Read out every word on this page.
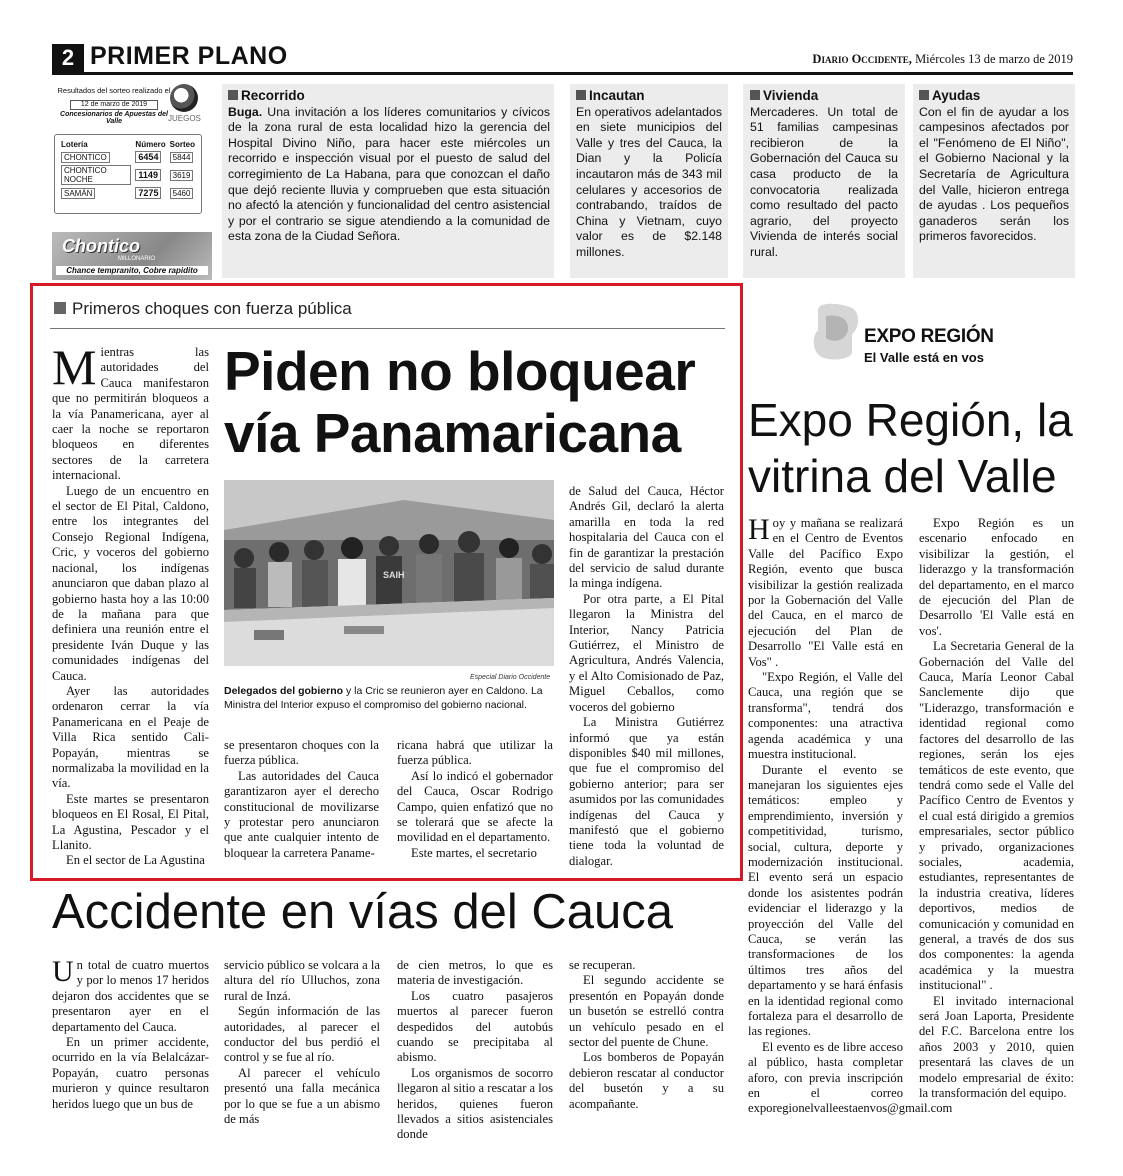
2 PRIMER PLANO	Diario Occidente, Miércoles 13 de marzo de 2019
Resultados del sorteo realizado el
12 de marzo de 2019
Concesionarios de Apuestas del Valle	JUEGOS
Lotería	Número	Sorteo
CHONTICO	6454	5844
CHONTICO NOCHE	1149	3619
SAMÁN	7275	5460
Chontico
MILLONARIO
Chance tempranito, Cobre rapidito
Recorrido
Buga. Una invitación a los líderes comunitarios y cívicos de la zona rural de esta localidad hizo la gerencia del Hospital Divino Niño, para hacer este miércoles un recorrido e inspección visual por el puesto de salud del corregimiento de La Habana, para que conozcan el daño que dejó reciente lluvia y comprueben que esta situación no afectó la atención y funcionalidad del centro asistencial y por el contrario se sigue atendiendo a la comunidad de esta zona de la Ciudad Señora.
Incautan
En operativos adelantados en siete municipios del Valle y tres del Cauca, la Dian y la Policía incautaron más de 343 mil celulares y accesorios de contrabando, traídos de China y Vietnam, cuyo valor es de $2.148 millones.
Vivienda
Mercaderes. Un total de 51 familias campesinas recibieron de la Gobernación del Cauca su casa producto de la convocatoria realizada como resultado del pacto agrario, del proyecto Vivienda de interés social rural.
Ayudas
Con el fin de ayudar a los campesinos afectados por el "Fenómeno de El Niño", el Gobierno Nacional y la Secretaría de Agricultura del Valle, hicieron entrega de ayudas . Los pequeños ganaderos serán los primeros favorecidos.
Primeros choques con fuerza pública
Piden no bloquear vía Panamaricana
M ientras las autoridades del Cauca manifestaron que no permitirán bloqueos a la vía Panamericana, ayer al caer la noche se reportaron bloqueos en diferentes sectores de la carretera internacional.

Luego de un encuentro en el sector de El Pital, Caldono, entre los integrantes del Consejo Regional Indígena, Cric, y voceros del gobierno nacional, los indígenas anunciaron que daban plazo al gobierno hasta hoy a las 10:00 de la mañana para que definiera una reunión entre el presidente Iván Duque y las comunidades indígenas del Cauca.

Ayer las autoridades ordenaron cerrar la vía Panamericana en el Peaje de Villa Rica sentido Cali-Popayán, mientras se normalizaba la movilidad en la vía.

Este martes se presentaron bloqueos en El Rosal, El Pital, La Agustina, Pescador y el Llanito.

En el sector de La Agustina

SAIH
Especial Diario Occidente
Delegados del gobierno y la Cric se reunieron ayer en Caldono. La Ministra del Interior expuso el compromiso del gobierno nacional.

se presentaron choques con la fuerza pública.

Las autoridades del Cauca garantizaron ayer el derecho constitucional de movilizarse y protestar pero anunciaron que ante cualquier intento de bloquear la carretera Paname-

ricana habrá que utilizar la fuerza pública.

Así lo indicó el gobernador del Cauca, Oscar Rodrigo Campo, quien enfatizó que no se tolerará que se afecte la movilidad en el departamento.

Este martes, el secretario

de Salud del Cauca, Héctor Andrés Gil, declaró la alerta amarilla en toda la red hospitalaria del Cauca con el fin de garantizar la prestación del servicio de salud durante la minga indígena.

Por otra parte, a El Pital llegaron la Ministra del Interior, Nancy Patricia Gutiérrez, el Ministro de Agricultura, Andrés Valencia, y el Alto Comisionado de Paz, Miguel Ceballos, como voceros del gobierno

La Ministra Gutiérrez informó que ya están disponibles $40 mil millones, que fue el compromiso del gobierno anterior; para ser asumidos por las comunidades indígenas del Cauca y manifestó que el gobierno tiene toda la voluntad de dialogar.

EXPO REGIÓN
El Valle está en vos
Expo Región, la vitrina del Valle
H oy y mañana se realizará en el Centro de Eventos Valle del Pacífico Expo Región, evento que busca visibilizar la gestión realizada por la Gobernación del Valle del Cauca, en el marco de ejecución del Plan de Desarrollo "El Valle está en Vos" .

"Expo Región, el Valle del Cauca, una región que se transforma", tendrá dos componentes: una atractiva agenda académica y una muestra institucional.

Durante el evento se manejaran los siguientes ejes temáticos: empleo y emprendimiento, inversión y competitividad, turismo, social, cultura, deporte y modernización institucional. El evento será un espacio donde los asistentes podrán evidenciar el liderazgo y la proyección del Valle del Cauca, se verán las transformaciones de los últimos tres años del departamento y se hará énfasis en la identidad regional como fortaleza para el desarrollo de las regiones.

El evento es de libre acceso al público, hasta completar aforo, con previa inscripción en el correo exporegionelvalleestaenvos@gmail.com

Expo Región es un escenario enfocado en visibilizar la gestión, el liderazgo y la transformación del departamento, en el marco de ejecución del Plan de Desarrollo 'El Valle está en vos'.

La Secretaria General de la Gobernación del Valle del Cauca, María Leonor Cabal Sanclemente dijo que "Liderazgo, transformación e identidad regional como factores del desarrollo de las regiones, serán los ejes temáticos de este evento, que tendrá como sede el Valle del Pacífico Centro de Eventos y el cual está dirigido a gremios empresariales, sector público y privado, organizaciones sociales, academia, estudiantes, representantes de la industria creativa, líderes deportivos, medios de comunicación y comunidad en general, a través de dos sus dos componentes: la agenda académica y la muestra institucional" .

El invitado internacional será Joan Laporta, Presidente del F.C. Barcelona entre los años 2003 y 2010, quien presentará las claves de un modelo empresarial de éxito: la transformación del equipo.

Accidente en vías del Cauca
U n total de cuatro muertos y por lo menos 17 heridos dejaron dos accidentes que se presentaron ayer en el departamento del Cauca.

En un primer accidente, ocurrido en la vía Belalcázar-Popayán, cuatro personas murieron y quince resultaron heridos luego que un bus de

servicio público se volcara a la altura del río Ulluchos, zona rural de Inzá.

Según información de las autoridades, al parecer el conductor del bus perdió el control y se fue al río.

Al parecer el vehículo presentó una falla mecánica por lo que se fue a un abismo de más

de cien metros, lo que es materia de investigación.

Los cuatro pasajeros muertos al parecer fueron despedidos del autobús cuando se precipitaba al abismo.

Los organismos de socorro llegaron al sitio a rescatar a los heridos, quienes fueron llevados a sitios asistenciales donde

se recuperan.

El segundo accidente se presentón en Popayán donde un busetón se estrelló contra un vehículo pesado en el sector del puente de Chune.

Los bomberos de Popayán debieron rescatar al conductor del busetón y a su acompañante.
